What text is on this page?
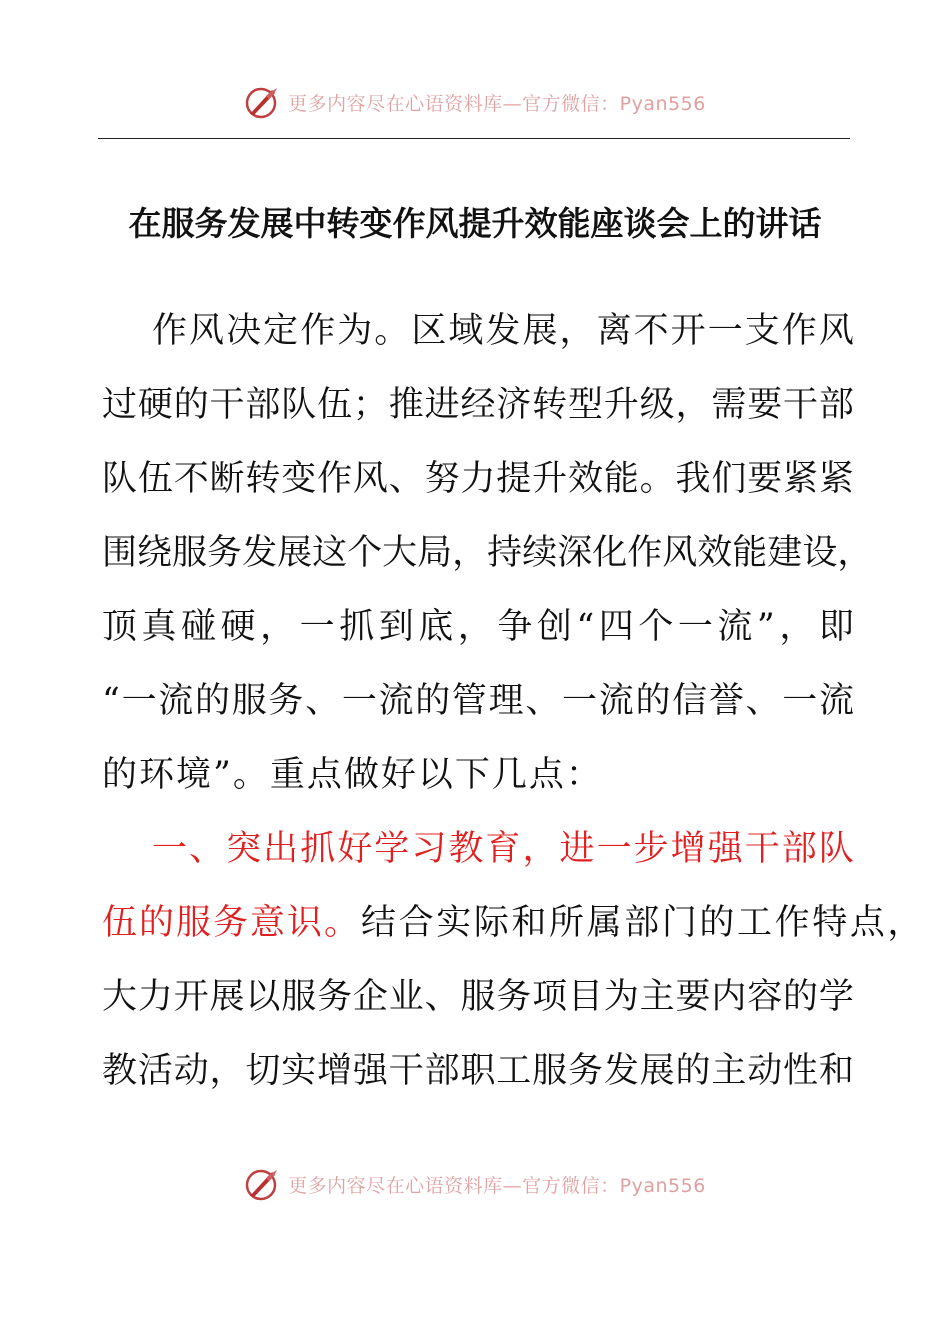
更多内容尽在心语资料库—官方微信：Pyan556
在服务发展中转变作风提升效能座谈会上的讲话
作 风 决 定 作 为 。 区 域 发 展 ， 离 不 开 一 支 作 风
过 硬 的 干 部 队 伍 ； 推 进 经 济 转 型 升 级 ， 需 要 干 部
队 伍 不 断 转 变 作 风 、 努 力 提 升 效 能 。 我 们 要 紧 紧
围 绕 服 务 发 展 这 个 大 局 ， 持 续 深 化 作 风 效 能 建 设 ，
顶 真 碰 硬 ， 一 抓 到 底 ， 争 创 “ 四 个 一 流 ” ， 即
“ 一 流 的 服 务 、 一 流 的 管 理 、 一 流 的 信 誉 、 一 流
的环境”。重点做好以下几点：
一 、 突 出 抓 好 学 习 教 育 ， 进 一 步 增 强 干 部 队
伍的服务意识。 结合实际和所属部门的工作特点，
大 力 开 展 以 服 务 企 业 、 服 务 项 目 为 主 要 内 容 的 学
教 活 动 ， 切 实 增 强 干 部 职 工 服 务 发 展 的 主 动 性 和
更多内容尽在心语资料库—官方微信：Pyan556
